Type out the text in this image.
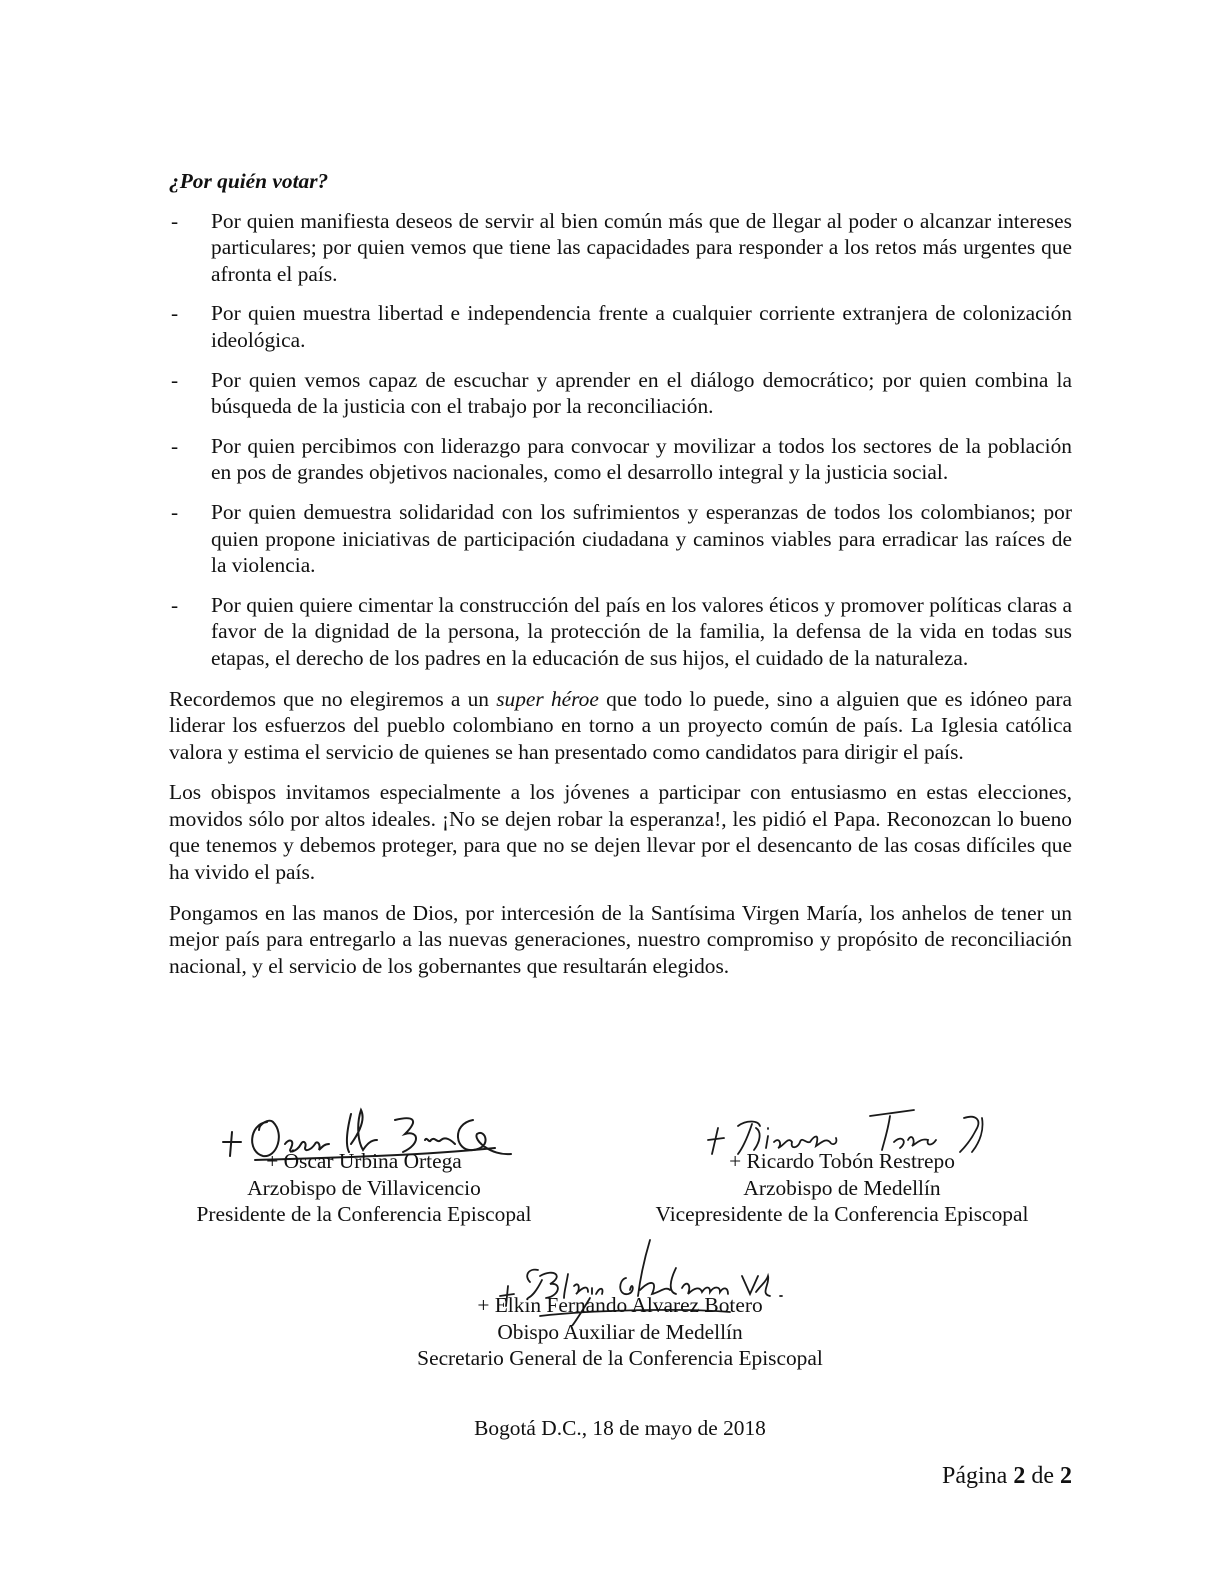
¿Por quién votar?

- Por quien manifiesta deseos de servir al bien común más que de llegar al poder o alcanzar intereses particulares; por quien vemos que tiene las capacidades para responder a los retos más urgentes que afronta el país.
- Por quien muestra libertad e independencia frente a cualquier corriente extranjera de colonización ideológica.
- Por quien vemos capaz de escuchar y aprender en el diálogo democrático; por quien combina la búsqueda de la justicia con el trabajo por la reconciliación.
- Por quien percibimos con liderazgo para convocar y movilizar a todos los sectores de la población en pos de grandes objetivos nacionales, como el desarrollo integral y la justicia social.
- Por quien demuestra solidaridad con los sufrimientos y esperanzas de todos los colombianos; por quien propone iniciativas de participación ciudadana y caminos viables para erradicar las raíces de la violencia.
- Por quien quiere cimentar la construcción del país en los valores éticos y promover políticas claras a favor de la dignidad de la persona, la protección de la familia, la defensa de la vida en todas sus etapas, el derecho de los padres en la educación de sus hijos, el cuidado de la naturaleza.

Recordemos que no elegiremos a un super héroe que todo lo puede, sino a alguien que es idóneo para liderar los esfuerzos del pueblo colombiano en torno a un proyecto común de país. La Iglesia católica valora y estima el servicio de quienes se han presentado como candidatos para dirigir el país.

Los obispos invitamos especialmente a los jóvenes a participar con entusiasmo en estas elecciones, movidos sólo por altos ideales. ¡No se dejen robar la esperanza!, les pidió el Papa. Reconozcan lo bueno que tenemos y debemos proteger, para que no se dejen llevar por el desencanto de las cosas difíciles que ha vivido el país.

Pongamos en las manos de Dios, por intercesión de la Santísima Virgen María, los anhelos de tener un mejor país para entregarlo a las nuevas generaciones, nuestro compromiso y propósito de reconciliación nacional, y el servicio de los gobernantes que resultarán elegidos.

+ Óscar Urbina Ortega
Arzobispo de Villavicencio
Presidente de la Conferencia Episcopal
+ Ricardo Tobón Restrepo
Arzobispo de Medellín
Vicepresidente de la Conferencia Episcopal
+ Elkin Fernando Alvarez Botero
Obispo Auxiliar de Medellín
Secretario General de la Conferencia Episcopal
Bogotá D.C., 18 de mayo de 2018
Página 2 de 2
